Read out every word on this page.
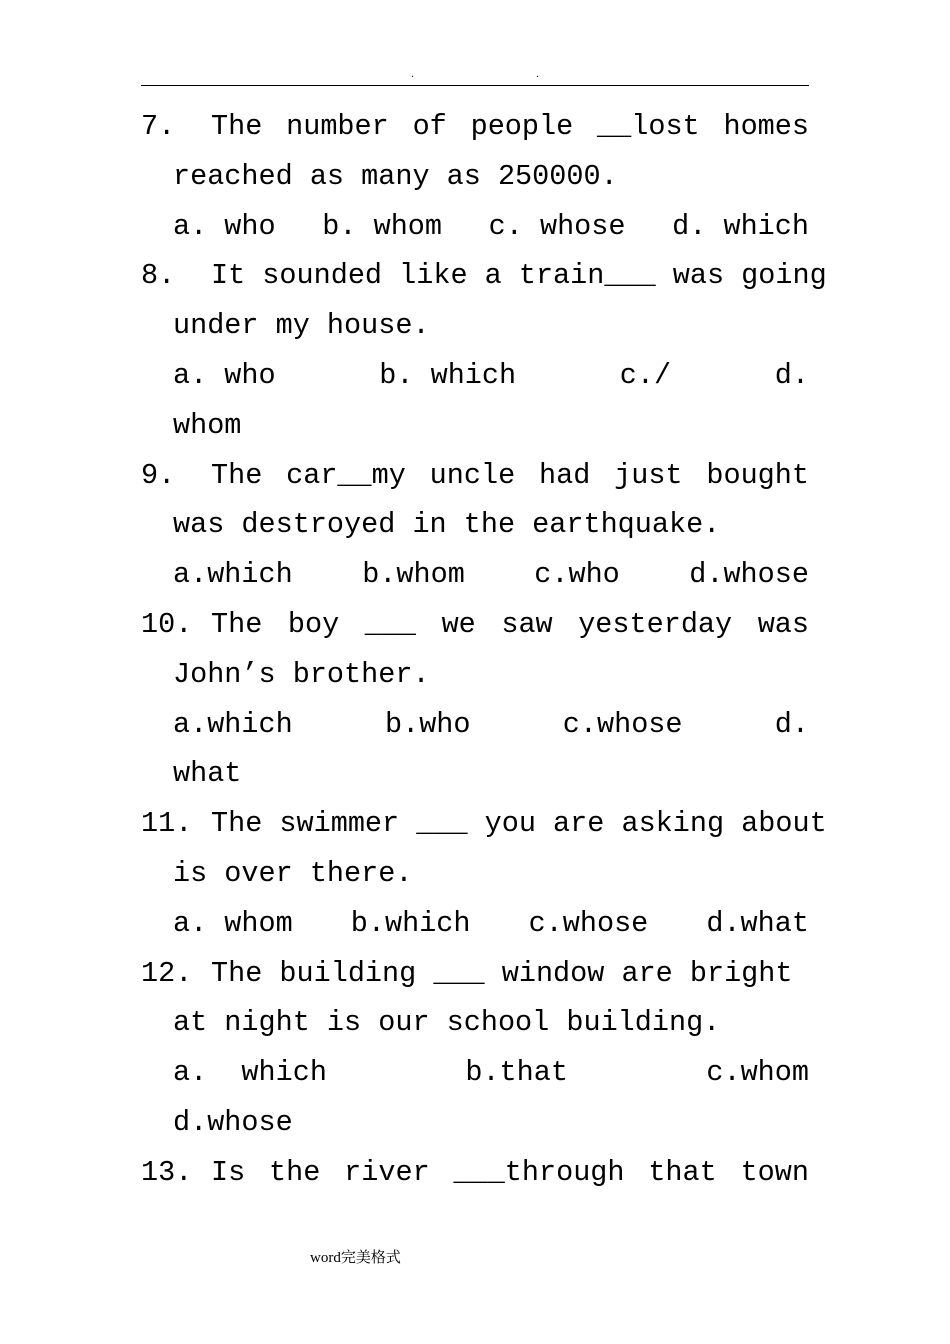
.	.
7.	The number of people __lost homes
reached as many as 250000.
a. who b. whom c. whose d. which
8.	It sounded like a train___ was going
under my house.
a. who	b. which	c./	d.
whom
9.	The car__my uncle had just bought
was destroyed in the earthquake.
a.which b.whom c.who d.whose
10. The boy ___ we saw yesterday was
John’s brother.
a.which	b.who	c.whose	d.
what
11. The swimmer ___ you are asking about
is over there.
a. whom b.which c.whose d.what
12. The building ___ window are bright
at night is our school building.
a.  which	b.that	c.whom
d.whose
13. Is the river ___through that town
word完美格式
